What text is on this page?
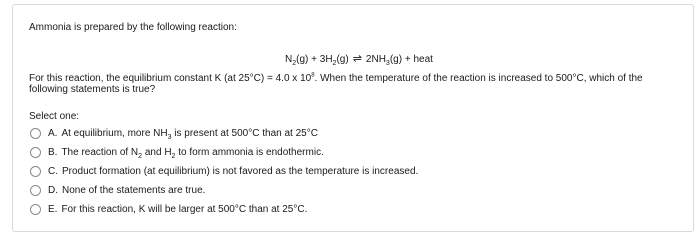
Ammonia is prepared by the following reaction:

$N_2(g) + 3H_2(g)$ ⇌ $2NH_3(g)$ + heat

For this reaction, the equilibrium constant K (at 25°C) = 4.0 x $10^8$. When the temperature of the reaction is increased to 500°C, which of the following statements is true?

Select one:
A. At equilibrium, more $NH_3$ is present at 500°C than at 25°C
B. The reaction of $N_2$ and $H_2$ to form ammonia is endothermic.
C. Product formation (at equilibrium) is not favored as the temperature is increased.
D. None of the statements are true.
E. For this reaction, K will be larger at 500°C than at 25°C.
